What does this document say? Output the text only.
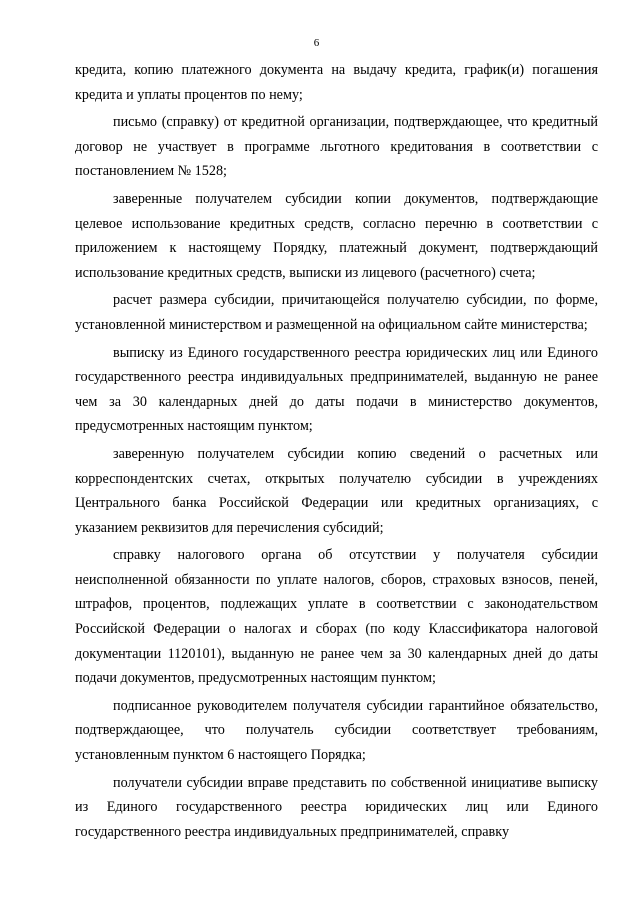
6

кредита, копию платежного документа на выдачу кредита, график(и) погашения кредита и уплаты процентов по нему;

письмо (справку) от кредитной организации, подтверждающее, что кредитный договор не участвует в программе льготного кредитования в соответствии с постановлением № 1528;

заверенные получателем субсидии копии документов, подтверждающие целевое использование кредитных средств, согласно перечню в соответствии с приложением к настоящему Порядку, платежный документ, подтверждающий использование кредитных средств, выписки из лицевого (расчетного) счета;

расчет размера субсидии, причитающейся получателю субсидии, по форме, установленной министерством и размещенной на официальном сайте министерства;

выписку из Единого государственного реестра юридических лиц или Единого государственного реестра индивидуальных предпринимателей, выданную не ранее чем за 30 календарных дней до даты подачи в министерство документов, предусмотренных настоящим пунктом;

заверенную получателем субсидии копию сведений о расчетных или корреспондентских счетах, открытых получателю субсидии в учреждениях Центрального банка Российской Федерации или кредитных организациях, с указанием реквизитов для перечисления субсидий;

справку налогового органа об отсутствии у получателя субсидии неисполненной обязанности по уплате налогов, сборов, страховых взносов, пеней, штрафов, процентов, подлежащих уплате в соответствии с законодательством Российской Федерации о налогах и сборах (по коду Классификатора налоговой документации 1120101), выданную не ранее чем за 30 календарных дней до даты подачи документов, предусмотренных настоящим пунктом;

подписанное руководителем получателя субсидии гарантийное обязательство, подтверждающее, что получатель субсидии соответствует требованиям, установленным пунктом 6 настоящего Порядка;

получатели субсидии вправе представить по собственной инициативе выписку из Единого государственного реестра юридических лиц или Единого государственного реестра индивидуальных предпринимателей, справку
